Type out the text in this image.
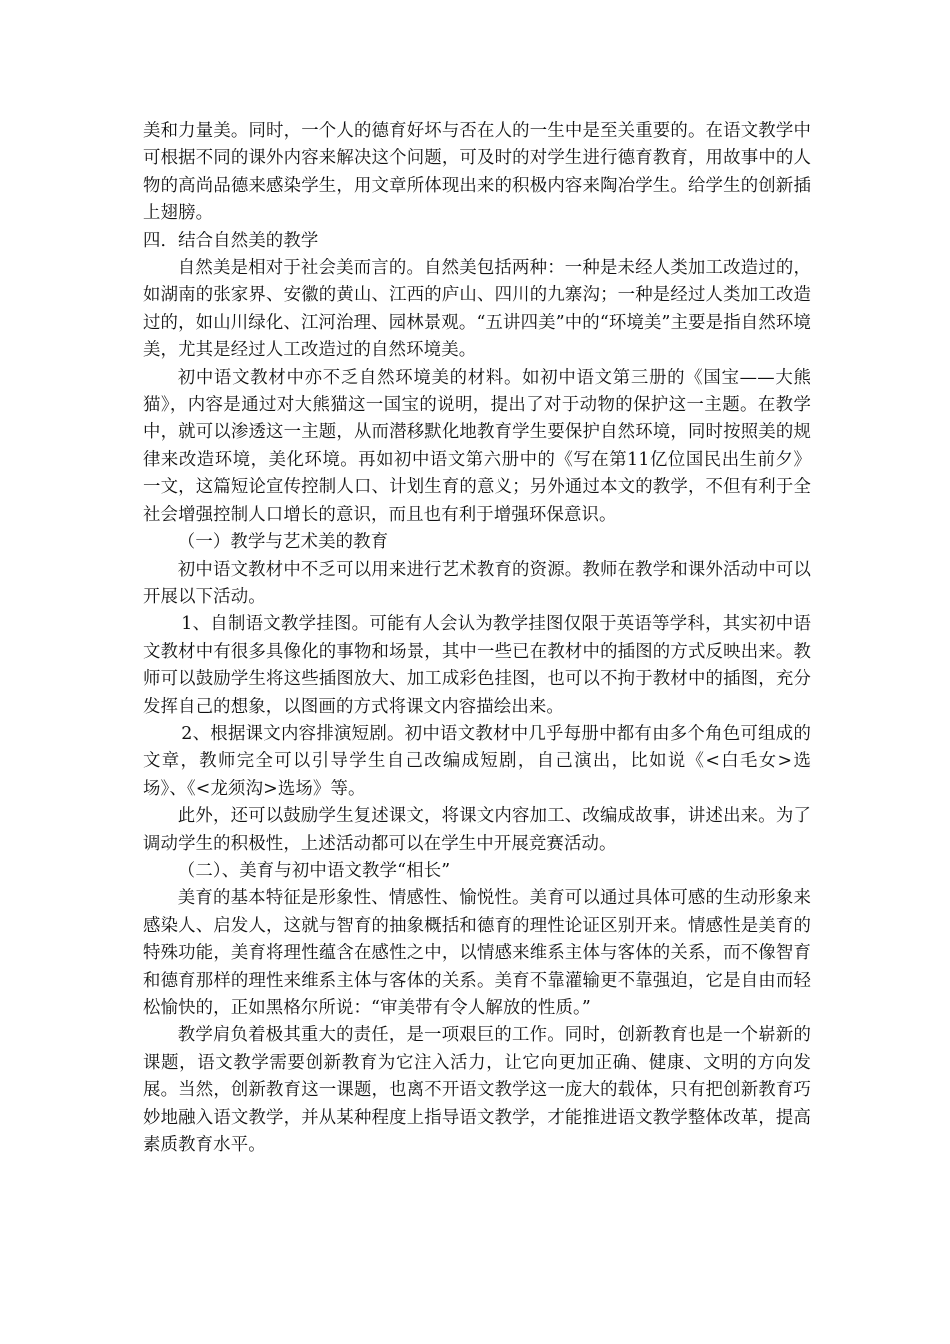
美和力量美。同时，一个人的德育好坏与否在人的一生中是至关重要的。在语文教学中可根据不同的课外内容来解决这个问题，可及时的对学生进行德育教育，用故事中的人物的高尚品德来感染学生，用文章所体现出来的积极内容来陶冶学生。给学生的创新插上翅膀。

四．结合自然美的教学

自然美是相对于社会美而言的。自然美包括两种：一种是未经人类加工改造过的，如湖南的张家界、安徽的黄山、江西的庐山、四川的九寨沟；一种是经过人类加工改造过的，如山川绿化、江河治理、园林景观。“五讲四美”中的“环境美”主要是指自然环境美，尤其是经过人工改造过的自然环境美。

初中语文教材中亦不乏自然环境美的材料。如初中语文第三册的《国宝——大熊猫》，内容是通过对大熊猫这一国宝的说明，提出了对于动物的保护这一主题。在教学中，就可以渗透这一主题，从而潜移默化地教育学生要保护自然环境，同时按照美的规律来改造环境，美化环境。再如初中语文第六册中的《写在第11亿位国民出生前夕》一文，这篇短论宣传控制人口、计划生育的意义；另外通过本文的教学，不但有利于全社会增强控制人口增长的意识，而且也有利于增强环保意识。

（一）教学与艺术美的教育

初中语文教材中不乏可以用来进行艺术教育的资源。教师在教学和课外活动中可以开展以下活动。

1、自制语文教学挂图。可能有人会认为教学挂图仅限于英语等学科，其实初中语文教材中有很多具像化的事物和场景，其中一些已在教材中的插图的方式反映出来。教师可以鼓励学生将这些插图放大、加工成彩色挂图，也可以不拘于教材中的插图，充分发挥自己的想象，以图画的方式将课文内容描绘出来。

2、根据课文内容排演短剧。初中语文教材中几乎每册中都有由多个角色可组成的文章，教师完全可以引导学生自己改编成短剧，自己演出，比如说《<白毛女>选场》、《<龙须沟>选场》等。

此外，还可以鼓励学生复述课文，将课文内容加工、改编成故事，讲述出来。为了调动学生的积极性，上述活动都可以在学生中开展竞赛活动。

（二）、美育与初中语文教学“相长”

美育的基本特征是形象性、情感性、愉悦性。美育可以通过具体可感的生动形象来感染人、启发人，这就与智育的抽象概括和德育的理性论证区别开来。情感性是美育的特殊功能，美育将理性蕴含在感性之中，以情感来维系主体与客体的关系，而不像智育和德育那样的理性来维系主体与客体的关系。美育不靠灌输更不靠强迫，它是自由而轻松愉快的，正如黑格尔所说：“审美带有令人解放的性质。”

教学肩负着极其重大的责任，是一项艰巨的工作。同时，创新教育也是一个崭新的课题，语文教学需要创新教育为它注入活力，让它向更加正确、健康、文明的方向发展。当然，创新教育这一课题，也离不开语文教学这一庞大的载体，只有把创新教育巧妙地融入语文教学，并从某种程度上指导语文教学，才能推进语文教学整体改革，提高素质教育水平。
